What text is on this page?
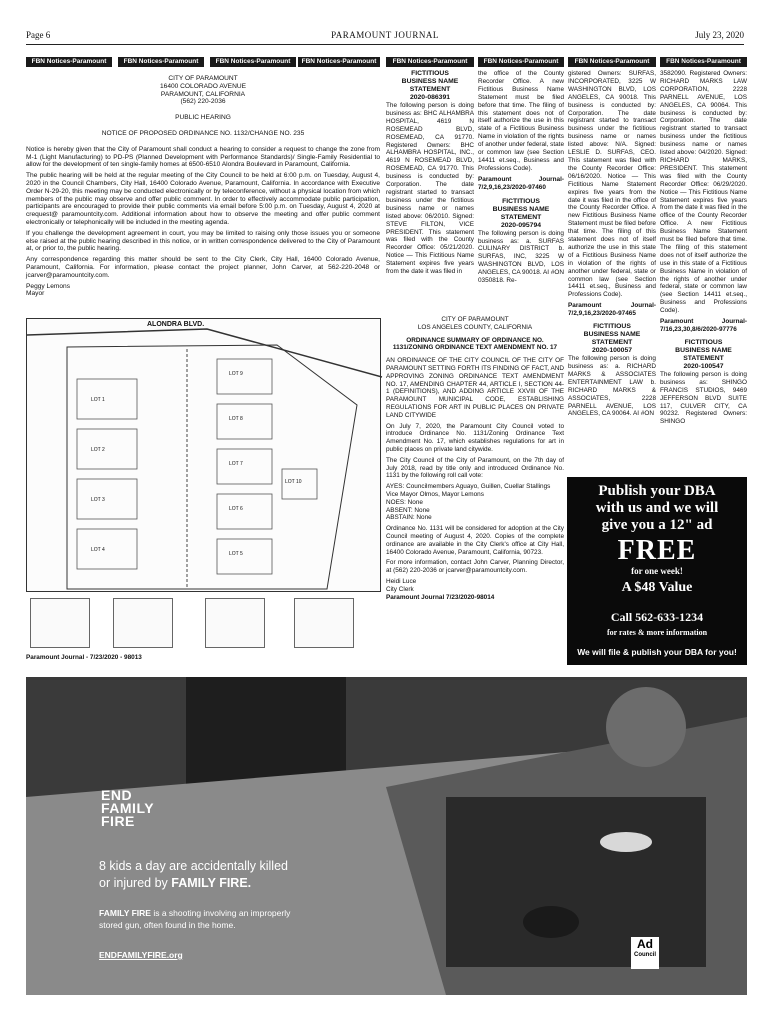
Page 6	PARAMOUNT JOURNAL	July 23, 2020
FBN Notices-Paramount	FBN Notices-Paramount	FBN Notices-Paramount	FBN Notices-Paramount	FBN Notices-Paramount	FBN Notices-Paramount	FBN Notices-Paramount	FBN Notices-Paramount
CITY OF PARAMOUNT
16400 COLORADO AVENUE
PARAMOUNT, CALIFORNIA
(562) 220-2036
PUBLIC HEARING
NOTICE OF PROPOSED ORDINANCE NO. 1132/CHANGE NO. 235

Notice is hereby given that the City of Paramount shall conduct a hearing to consider a request to change the zone from M-1 (Light Manufacturing) to PD-PS (Planned Development with Performance Standards)/ Single-Family Residential to allow for the development of ten single-family homes at 6500-6510 Alondra Boulevard in Paramount, California.

The public hearing will be held at the regular meeting of the City Council to be held at 6:00 p.m. on Tuesday, August 4, 2020 in the Council Chambers, City Hall, 16400 Colorado Avenue, Paramount, California. In accordance with Executive Order N-29-20, this meeting may be conducted electronically or by teleconference, without a physical location from which members of the public may observe and offer public comment. In order to effectively accommodate public participation, participants are encouraged to provide their public comments via email before 5:00 p.m. on Tuesday, August 4, 2020 at crequest@ paramountcity.com. Additional information about how to observe the meeting and offer public comment electronically or telephonically will be included in the meeting agenda.

If you challenge the development agreement in court, you may be limited to raising only those issues you or someone else raised at the public hearing described in this notice, or in written correspondence delivered to the City of Paramount at, or prior to, the public hearing.

Any correspondence regarding this matter should be sent to the City Clerk, City Hall, 16400 Colorado Avenue, Paramount, California. For information, please contact the project planner, John Carver, at 562-220-2048 or jcarver@paramountcity.com.

Peggy Lemons
Mayor
ALONDRA BLVD.
LOT 1
LOT 2
LOT 3
LOT 4
LOT 5
LOT 6
LOT 7
LOT 8
LOT 9
LOT 10
Paramount Journal - 7/23/2020 - 98013
FICTITIOUS
BUSINESS NAME
STATEMENT
2020-086391

The following person is doing business as: BHC ALHAMBRA HOSPITAL, 4619 N ROSEMEAD BLVD, ROSEMEAD, CA 91770. Registered Owners: BHC ALHAMBRA HOSPITAL, INC., 4619 N ROSEMEAD BLVD, ROSEMEAD, CA 91770. This business is conducted by: Corporation. The date registrant started to transact business under the fictitious business name or names listed above: 06/2010. Signed: STEVE FILTON, VICE PRESIDENT. This statement was filed with the County Recorder Office: 05/21/2020. Notice — This Fictitious Name Statement expires five years from the date it was filed in

the office of the County Recorder Office. A new Fictitious Business Name Statement must be filed before that time. The filing of this statement does not of itself authorize the use in this state of a Fictitious Business Name in violation of the rights of another under federal, state or common law (see Section 14411 et.seq., Business and Professions Code).

Paramount Journal-7/2,9,16,23/2020-97460

FICTITIOUS
BUSINESS NAME
STATEMENT
2020-095794

The following person is doing business as: a. SURFAS CULINARY DISTRICT b. SURFAS, INC, 3225 W WASHINGTON BLVD, LOS ANGELES, CA 90018. AI #ON 0350818. Re-

CITY OF PARAMOUNT
LOS ANGELES COUNTY, CALIFORNIA
ORDINANCE SUMMARY OF ORDINANCE NO. 1131/ZONING ORDINANCE TEXT AMENDMENT NO. 17

AN ORDINANCE OF THE CITY COUNCIL OF THE CITY OF PARAMOUNT SETTING FORTH ITS FINDING OF FACT, AND APPROVING ZONING ORDINANCE TEXT AMENDMENT NO. 17, AMENDING CHAPTER 44, ARTICLE I, SECTION 44-1 (DEFINITIONS), AND ADDING ARTICLE XXVIII OF THE PARAMOUNT MUNICIPAL CODE, ESTABLISHING REGULATIONS FOR ART IN PUBLIC PLACES ON PRIVATE LAND CITYWIDE

On July 7, 2020, the Paramount City Council voted to introduce Ordinance No. 1131/Zoning Ordinance Text Amendment No. 17, which establishes regulations for art in public places on private land citywide.

The City Council of the City of Paramount, on the 7th day of July 2018, read by title only and introduced Ordinance No. 1131 by the following roll call vote:

AYES: Councilmembers Aguayo, Guillen, Cuellar Stallings
Vice Mayor Olmos, Mayor Lemons
NOES: None
ABSENT: None

ABSTAIN: None

Ordinance No. 1131 will be considered for adoption at the City Council meeting of August 4, 2020. Copies of the complete ordinance are available in the City Clerk's office at City Hall, 16400 Colorado Avenue, Paramount, California, 90723.

For more information, contact John Carver, Planning Director, at (562) 220-2036 or jcarver@paramountcity.com.

Heidi Luce
City Clerk
Paramount Journal 7/23/2020-98014

gistered Owners: SURFAS, INCORPORATED, 3225 W WASHINGTON BLVD, LOS ANGELES, CA 90018. This business is conducted by: Corporation. The date registrant started to transact business under the fictitious business name or names listed above: N/A. Signed: LESLIE D. SURFAS, CEO. This statement was filed with the County Recorder Office: 06/16/2020. Notice — This Fictitious Name Statement expires five years from the date it was filed in the office of the County Recorder Office. A new Fictitious Business Name Statement must be filed before that time. The filing of this statement does not of itself authorize the use in this state of a Fictitious Business Name in violation of the rights of another under federal, state or common law (see Section 14411 et.seq., Business and Professions Code).

Paramount Journal-7/2,9,16,23/2020-97465

FICTITIOUS
BUSINESS NAME
STATEMENT
2020-100057

The following person is doing business as: a. RICHARD MARKS & ASSOCIATES ENTERTAINMENT LAW b. RICHARD MARKS & ASSOCIATES, 2228 PARNELL AVENUE, LOS ANGELES, CA 90064. AI #ON

3582090. Registered Owners: RICHARD MARKS LAW CORPORATION, 2228 PARNELL AVENUE, LOS ANGELES, CA 90064. This business is conducted by: Corporation. The date registrant started to transact business under the fictitious business name or names listed above: 04/2020. Signed: RICHARD MARKS, PRESIDENT. This statement was filed with the County Recorder Office: 06/29/2020. Notice — This Fictitious Name Statement expires five years from the date it was filed in the office of the County Recorder Office. A new Fictitious Business Name Statement must be filed before that time. The filing of this statement does not of itself authorize the use in this state of a Fictitious Business Name in violation of the rights of another under federal, state or common law (see Section 14411 et.seq., Business and Professions Code).

Paramount Journal-7/16,23,30,8/6/2020-97776

FICTITIOUS
BUSINESS NAME
STATEMENT
2020-100547

The following person is doing business as: SHINGO FRANCIS STUDIOS, 9469 JEFFERSON BLVD SUITE 117, CULVER CITY, CA 90232. Registered Owners: SHINGO

Publish your DBA
with us and we will
give you a 12" ad
FREE
for one week!
A $48 Value
Call 562-633-1234
for rates & more information
We will file & publish your DBA for you!
END
FAMILY
FIRE
8 kids a day are accidentally killed
or injured by FAMILY FIRE.
FAMILY FIRE is a shooting involving an improperly
stored gun, often found in the home.
ENDFAMILYFIRE.org
Ad
Council
